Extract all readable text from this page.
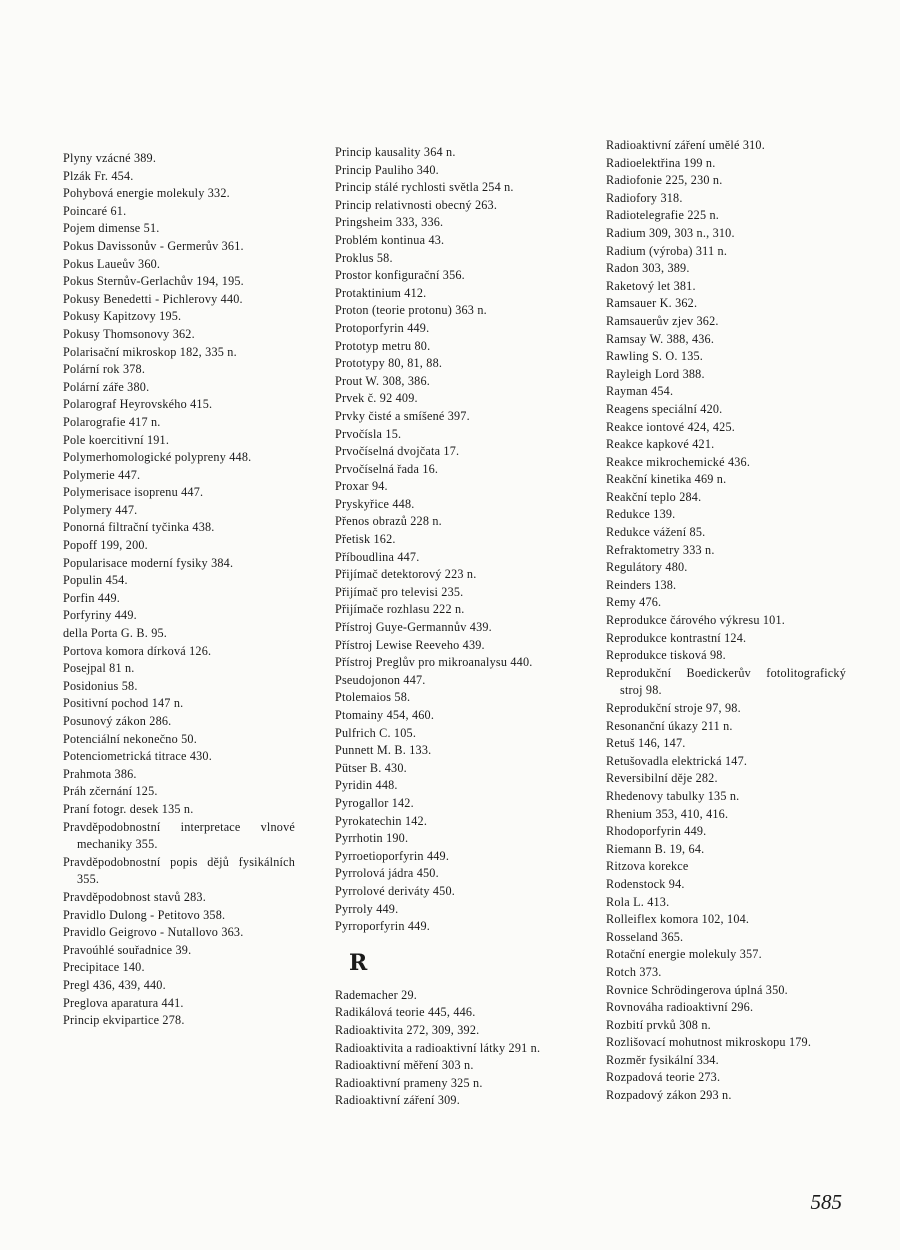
Plyny vzácné 389.
Plzák Fr. 454.
Pohybová energie molekuly 332.
Poincaré 61.
Pojem dimense 51.
Pokus Davissonův - Germerův 361.
Pokus Laueův 360.
Pokus Sternův-Gerlachův 194, 195.
Pokusy Benedetti - Pichlerovy 440.
Pokusy Kapitzovy 195.
Pokusy Thomsonovy 362.
Polarisační mikroskop 182, 335 n.
Polární rok 378.
Polární záře 380.
Polarograf Heyrovského 415.
Polarografie 417 n.
Pole koercitivní 191.
Polymerhomologické polypreny 448.
Polymerie 447.
Polymerisace isoprenu 447.
Polymery 447.
Ponorná filtrační tyčinka 438.
Popoff 199, 200.
Popularisace moderní fysiky 384.
Populin 454.
Porfin 449.
Porfyriny 449.
della Porta G. B. 95.
Portova komora dírková 126.
Posejpal 81 n.
Posidonius 58.
Positivní pochod 147 n.
Posunový zákon 286.
Potenciální nekonečno 50.
Potenciometrická titrace 430.
Prahmota 386.
Práh zčernání 125.
Praní fotogr. desek 135 n.
Pravděpodobnostní interpretace vlnové mechaniky 355.
Pravděpodobnostní popis dějů fysikálních 355.
Pravděpodobnost stavů 283.
Pravidlo Dulong - Petitovo 358.
Pravidlo Geigrovo - Nutallovo 363.
Pravoúhlé souřadnice 39.
Precipitace 140.
Pregl 436, 439, 440.
Preglova aparatura 441.
Princip ekvipartice 278.
Princip kausality 364 n.
Princip Pauliho 340.
Princip stálé rychlosti světla 254 n.
Princip relativnosti obecný 263.
Pringsheim 333, 336.
Problém kontinua 43.
Proklus 58.
Prostor konfigurační 356.
Protaktinium 412.
Proton (teorie protonu) 363 n.
Protoporfyrin 449.
Prototyp metru 80.
Prototypy 80, 81, 88.
Prout W. 308, 386.
Prvek č. 92 409.
Prvky čisté a smíšené 397.
Prvočísla 15.
Prvočíselná dvojčata 17.
Prvočíselná řada 16.
Proxar 94.
Pryskyřice 448.
Přenos obrazů 228 n.
Přetisk 162.
Příboudlina 447.
Přijímač detektorový 223 n.
Přijímač pro televisi 235.
Přijímače rozhlasu 222 n.
Přístroj Guye-Germannův 439.
Přístroj Lewise Reeveho 439.
Přístroj Preglův pro mikroanalysu 440.
Pseudojonon 447.
Ptolemaios 58.
Ptomainy 454, 460.
Pulfrich C. 105.
Punnett M. B. 133.
Pütser B. 430.
Pyridin 448.
Pyrogallor 142.
Pyrokatechin 142.
Pyrrhotin 190.
Pyrroetioporfyrin 449.
Pyrrolová jádra 450.
Pyrrolové deriváty 450.
Pyrroly 449.
Pyrroporfyrin 449.
R
Rademacher 29.
Radikálová teorie 445, 446.
Radioaktivita 272, 309, 392.
Radioaktivita a radioaktivní látky 291 n.
Radioaktivní měření 303 n.
Radioaktivní prameny 325 n.
Radioaktivní záření 309.
Radioaktivní záření umělé 310.
Radioelektřina 199 n.
Radiofonie 225, 230 n.
Radiofory 318.
Radiotelegrafie 225 n.
Radium 309, 303 n., 310.
Radium (výroba) 311 n.
Radon 303, 389.
Raketový let 381.
Ramsauer K. 362.
Ramsauerův zjev 362.
Ramsay W. 388, 436.
Rawling S. O. 135.
Rayleigh Lord 388.
Rayman 454.
Reagens speciální 420.
Reakce iontové 424, 425.
Reakce kapkové 421.
Reakce mikrochemické 436.
Reakční kinetika 469 n.
Reakční teplo 284.
Redukce 139.
Redukce vážení 85.
Refraktometry 333 n.
Regulátory 480.
Reinders 138.
Remy 476.
Reprodukce čárového výkresu 101.
Reprodukce kontrastní 124.
Reprodukce tisková 98.
Reprodukční Boedickerův fotolitografický stroj 98.
Reprodukční stroje 97, 98.
Resonanční úkazy 211 n.
Retuš 146, 147.
Retušovadla elektrická 147.
Reversibilní děje 282.
Rhedenovy tabulky 135 n.
Rhenium 353, 410, 416.
Rhodoporfyrin 449.
Riemann B. 19, 64.
Ritzova korekce
Rodenstock 94.
Rola L. 413.
Rolleiflex komora 102, 104.
Rosseland 365.
Rotační energie molekuly 357.
Rotch 373.
Rovnice Schrödingerova úplná 350.
Rovnováha radioaktivní 296.
Rozbití prvků 308 n.
Rozlišovací mohutnost mikroskopu 179.
Rozměr fysikální 334.
Rozpadová teorie 273.
Rozpadový zákon 293 n.
585
